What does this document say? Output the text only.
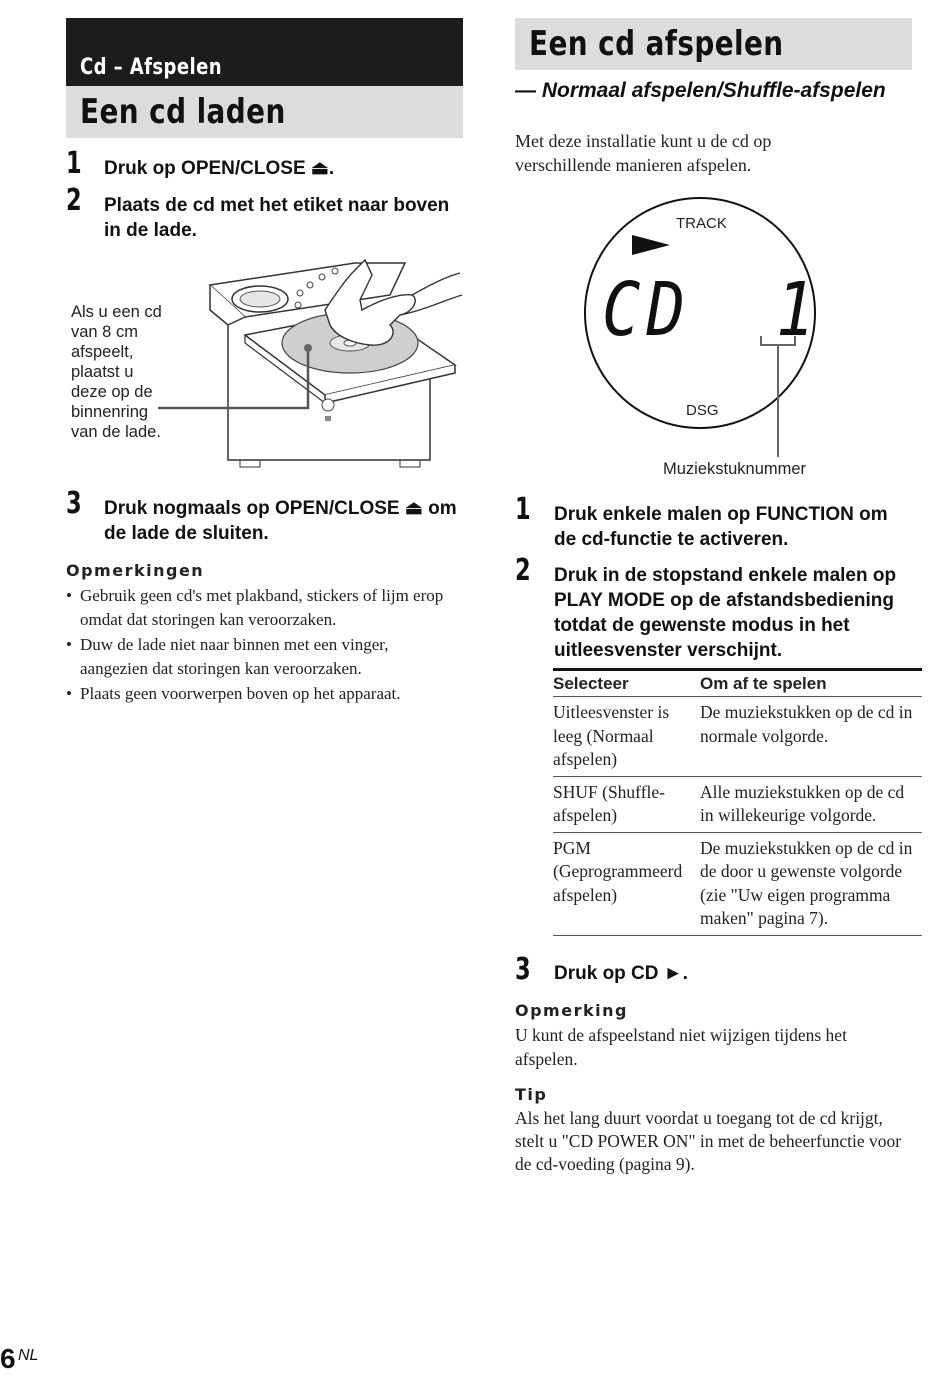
Cd – Afspelen
Een cd laden
1 Druk op OPEN/CLOSE ⏏.
2 Plaats de cd met het etiket naar boven
in de lade.
Als u een cd
van 8 cm
afspeelt,
plaatst u
deze op de
binnenring
van de lade.
3 Druk nogmaals op OPEN/CLOSE ⏏ om
de lade de sluiten.
Opmerkingen
• Gebruik geen cd's met plakband, stickers of lijm erop
omdat dat storingen kan veroorzaken.
• Duw de lade niet naar binnen met een vinger,
aangezien dat storingen kan veroorzaken.
• Plaats geen voorwerpen boven op het apparaat.
Een cd afspelen
— Normaal afspelen/Shuffle-afspelen
Met deze installatie kunt u de cd op
verschillende manieren afspelen.
TRACK
CD 1
DSG
Muziekstuknummer
1 Druk enkele malen op FUNCTION om
de cd-functie te activeren.
2 Druk in de stopstand enkele malen op
PLAY MODE op de afstandsbediening
totdat de gewenste modus in het
uitleesvenster verschijnt.
Selecteer	Om af te spelen
Uitleesvenster is leeg (Normaal afspelen)	De muziekstukken op de cd in normale volgorde.
SHUF (Shuffle-afspelen)	Alle muziekstukken op de cd in willekeurige volgorde.
PGM (Geprogrammeerd afspelen)	De muziekstukken op de cd in de door u gewenste volgorde (zie "Uw eigen programma maken" pagina 7).
3 Druk op CD ►.
Opmerking
U kunt de afspeelstand niet wijzigen tijdens het
afspelen.
Tip
Als het lang duurt voordat u toegang tot de cd krijgt,
stelt u "CD POWER ON" in met de beheerfunctie voor
de cd-voeding (pagina 9).
6 NL
